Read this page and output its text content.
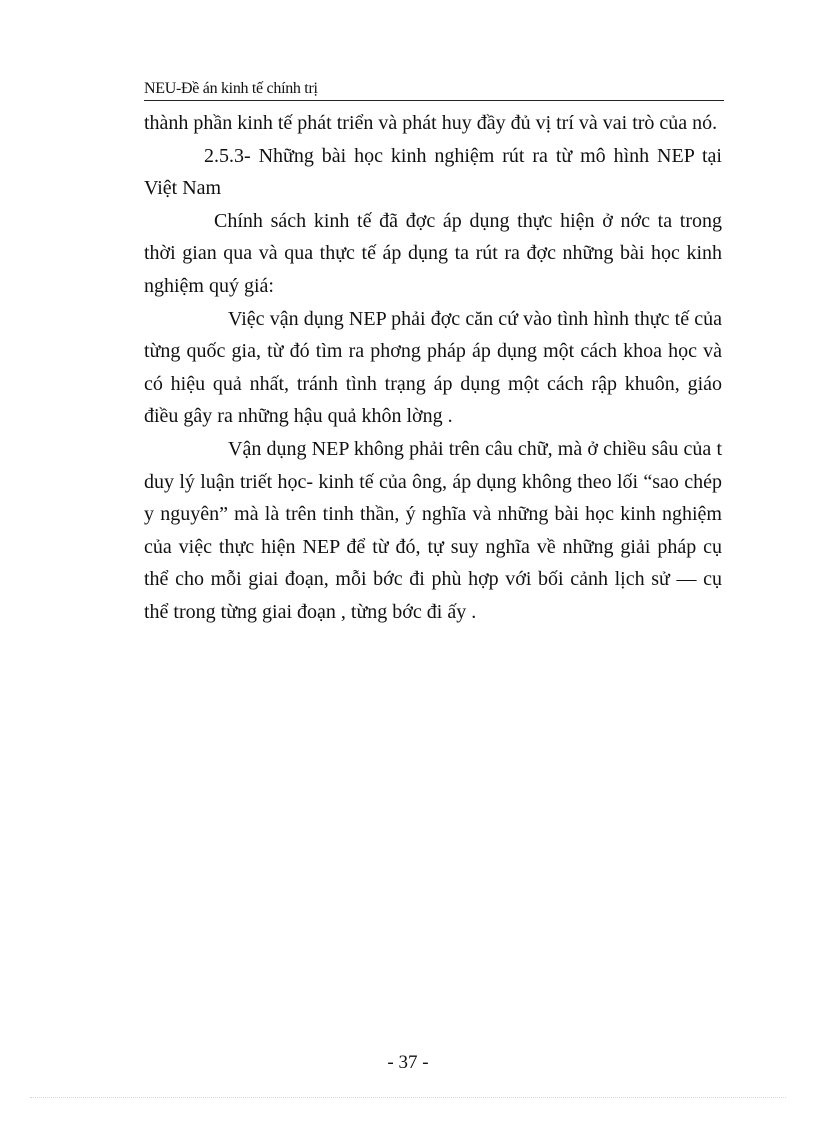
NEU-Đề án kinh tế chính trị

thành phần kinh tế phát triển và phát huy đầy đủ vị trí và vai trò của nó.

2.5.3- Những bài học kinh nghiệm rút ra từ mô hình NEP tại Việt Nam

Chính sách kinh tế đã đợc áp dụng thực hiện ở nớc ta trong thời gian qua và qua thực tế áp dụng ta rút ra đợc những bài học kinh nghiệm quý giá:

Việc vận dụng NEP phải đợc căn cứ vào tình hình thực tế của từng quốc gia, từ đó tìm ra phơng pháp áp dụng một cách khoa học và có hiệu quả nhất, tránh tình trạng áp dụng một cách rập khuôn, giáo điều gây ra những hậu quả khôn lờng .

Vận dụng NEP không phải trên câu chữ, mà ở chiều sâu của t duy lý luận triết học- kinh tế của ông, áp dụng không theo lối “sao chép y nguyên” mà là trên tinh thần, ý nghĩa và những bài học kinh nghiệm của việc thực hiện NEP để từ đó, tự suy nghĩa về những giải pháp cụ thể cho mỗi giai đoạn, mỗi bớc đi phù hợp với bối cảnh lịch sử — cụ thể trong từng giai đoạn , từng bớc đi ấy .

- 37 -
